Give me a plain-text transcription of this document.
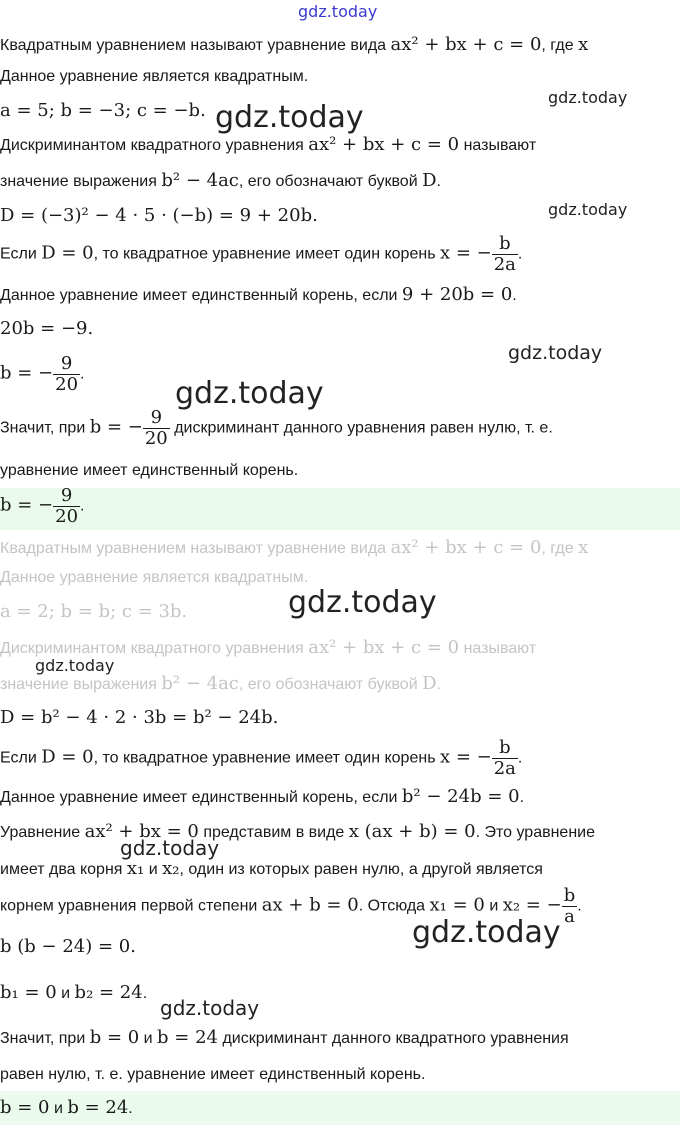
Квадратным уравнением называют уравнение вида ax² + bx + c = 0, где x
Данное уравнение является квадратным.
a = 5; b = −3; c = −b.
Дискриминантом квадратного уравнения ax² + bx + c = 0 называют
значение выражения b² − 4ac, его обозначают буквой D.
D = (−3)² − 4 · 5 · (−b) = 9 + 20b.
Если D = 0, то квадратное уравнение имеет один корень x = − $\frac{b}{2a}$ .
Данное уравнение имеет единственный корень, если 9 + 20b = 0.
20b = −9.
b = − $\frac{9}{20}$ .
Значит, при b = − $\frac{9}{20}$ дискриминант данного уравнения равен нулю, т. е.
уравнение имеет единственный корень.
b = − $\frac{9}{20}$ .
Квадратным уравнением называют уравнение вида ax² + bx + c = 0, где x
Данное уравнение является квадратным.
a = 2; b = b; c = 3b.
Дискриминантом квадратного уравнения ax² + bx + c = 0 называют
значение выражения b² − 4ac, его обозначают буквой D.
D = b² − 4 · 2 · 3b = b² − 24b.
Если D = 0, то квадратное уравнение имеет один корень x = − $\frac{b}{2a}$ .
Данное уравнение имеет единственный корень, если b² − 24b = 0.
Уравнение ax² + bx = 0 представим в виде x (ax + b) = 0. Это уравнение
имеет два корня x₁ и x₂, один из которых равен нулю, а другой является
корнем уравнения первой степени ax + b = 0. Отсюда x₁ = 0 и x₂ = − $\frac{b}{a}$ .
b (b − 24) = 0.
b₁ = 0 и b₂ = 24.
Значит, при b = 0 и b = 24 дискриминант данного квадратного уравнения
равен нулю, т. е. уравнение имеет единственный корень.
b = 0 и b = 24.
gdz.today
gdz.today
gdz.today
gdz.today
gdz.today
gdz.today
gdz.today
gdz.today
gdz.today
gdz.today
gdz.today
